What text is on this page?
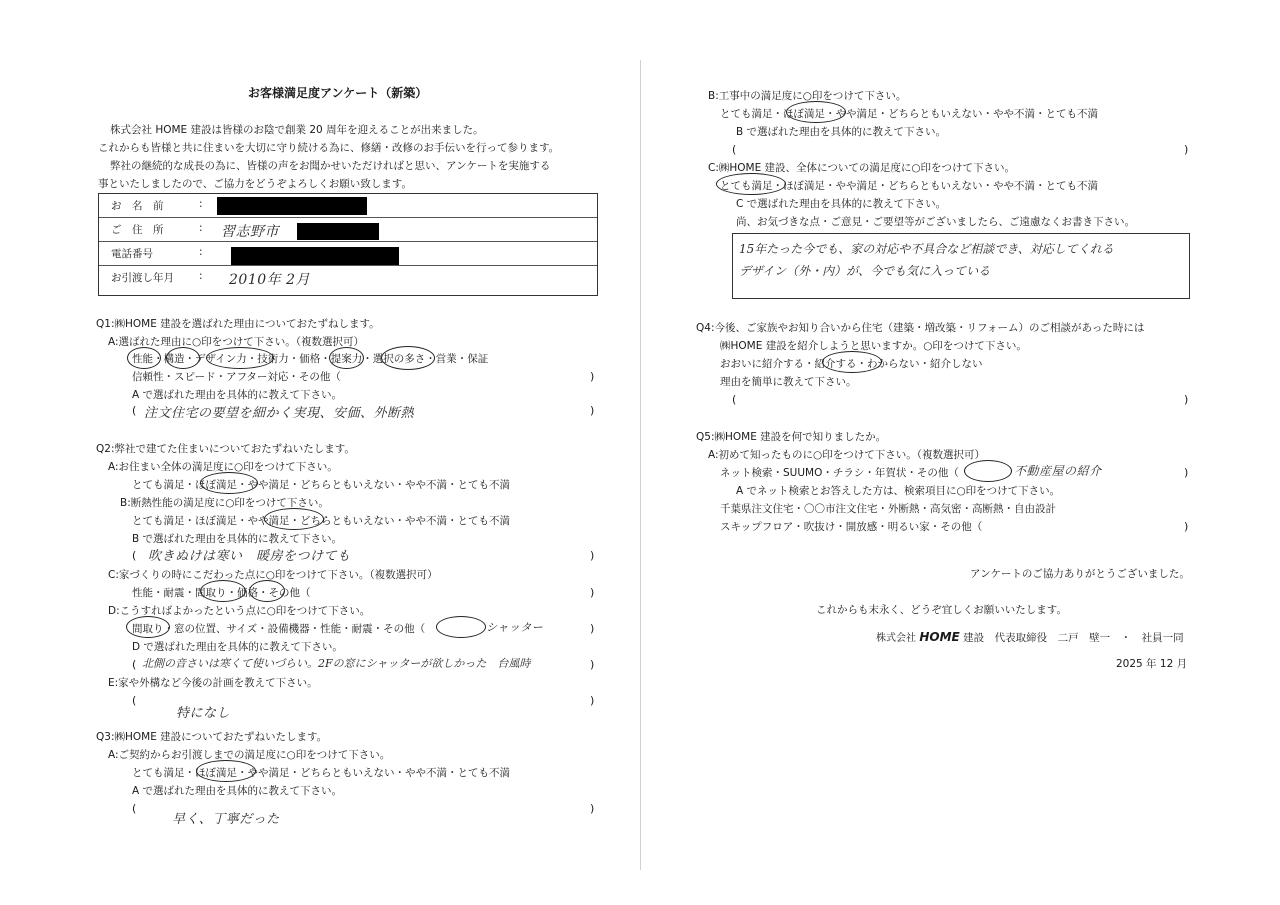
お客様満足度アンケート（新築）
株式会社 HOME 建設は皆様のお陰で創業 20 周年を迎えることが出来ました。
これからも皆様と共に住まいを大切に守り続ける為に、修繕・改修のお手伝いを行って参ります。
弊社の継続的な成長の為に、皆様の声をお聞かせいただければと思い、アンケートを実施する
事といたしましたので、ご協力をどうぞよろしくお願い致します。
お　名　前	:
ご　住　所	: 習志野市
電話番号	:
お引渡し年月 : 2010年 2月
Q1:㈱HOME 建設を選ばれた理由についておたずねします。
A:選ばれた理由に○印をつけて下さい。（複数選択可）
性能・構造・デザイン力・技術力・価格・提案力・選択の多さ・営業・保証
信頼性・スピード・アフター対応・その他（	)
A で選ばれた理由を具体的に教えて下さい。
( 注文住宅の要望を細かく実現、安価、外断熱	)
Q2:弊社で建てた住まいについておたずねいたします。
A:お住まい全体の満足度に○印をつけて下さい。
とても満足・ほぼ満足・やや満足・どちらともいえない・やや不満・とても不満
B:断熱性能の満足度に○印をつけて下さい。
とても満足・ほぼ満足・やや満足・どちらともいえない・やや不満・とても不満
B で選ばれた理由を具体的に教えて下さい。
( 吹きぬけは寒い　暖房をつけても	)
C:家づくりの時にこだわった点に○印をつけて下さい。（複数選択可）
性能・耐震・間取り・価格・その他（	)
D:こうすればよかったという点に○印をつけて下さい。
間取り・窓の位置、サイズ・設備機器・性能・耐震・その他（	シャッター	)
D で選ばれた理由を具体的に教えて下さい。
( 北側の音さいは寒くて使いづらい。2Fの窓にシャッターが欲しかった　台風時	)
E:家や外構など今後の計画を教えて下さい。
(
特になし
)
Q3:㈱HOME 建設についておたずねいたします。
A:ご契約からお引渡しまでの満足度に○印をつけて下さい。
とても満足・ほぼ満足・やや満足・どちらともいえない・やや不満・とても不満
A で選ばれた理由を具体的に教えて下さい。
(
早く、丁寧だった
)
B:工事中の満足度に○印をつけて下さい。
とても満足・ほぼ満足・やや満足・どちらともいえない・やや不満・とても不満
B で選ばれた理由を具体的に教えて下さい。
(	)
C:㈱HOME 建設、全体についての満足度に○印をつけて下さい。
とても満足・ほぼ満足・やや満足・どちらともいえない・やや不満・とても不満
C で選ばれた理由を具体的に教えて下さい。
尚、お気づきな点・ご意見・ご要望等がございましたら、ご遠慮なくお書き下さい。
15年たった今でも、家の対応や不具合など相談でき、対応してくれる
デザイン（外・内）が、今でも気に入っている
Q4:今後、ご家族やお知り合いから住宅（建築・増改築・リフォーム）のご相談があった時には
㈱HOME 建設を紹介しようと思いますか。○印をつけて下さい。
おおいに紹介する・紹介する・わからない・紹介しない
理由を簡単に教えて下さい。
(	)
Q5:㈱HOME 建設を何で知りましたか。
A:初めて知ったものに○印をつけて下さい。（複数選択可）
ネット検索・SUUMO・チラシ・年賀状・その他（	不動産屋の紹介	)
A でネット検索とお答えした方は、検索項目に○印をつけて下さい。
千葉県注文住宅・〇〇市注文住宅・外断熱・高気密・高断熱・自由設計
スキップフロア・吹抜け・開放感・明るい家・その他（	)
アンケートのご協力ありがとうございました。
これからも末永く、どうぞ宜しくお願いいたします。
株式会社 HOME 建設　代表取締役　二戸　壁一　・　社員一同
2025 年 12 月
